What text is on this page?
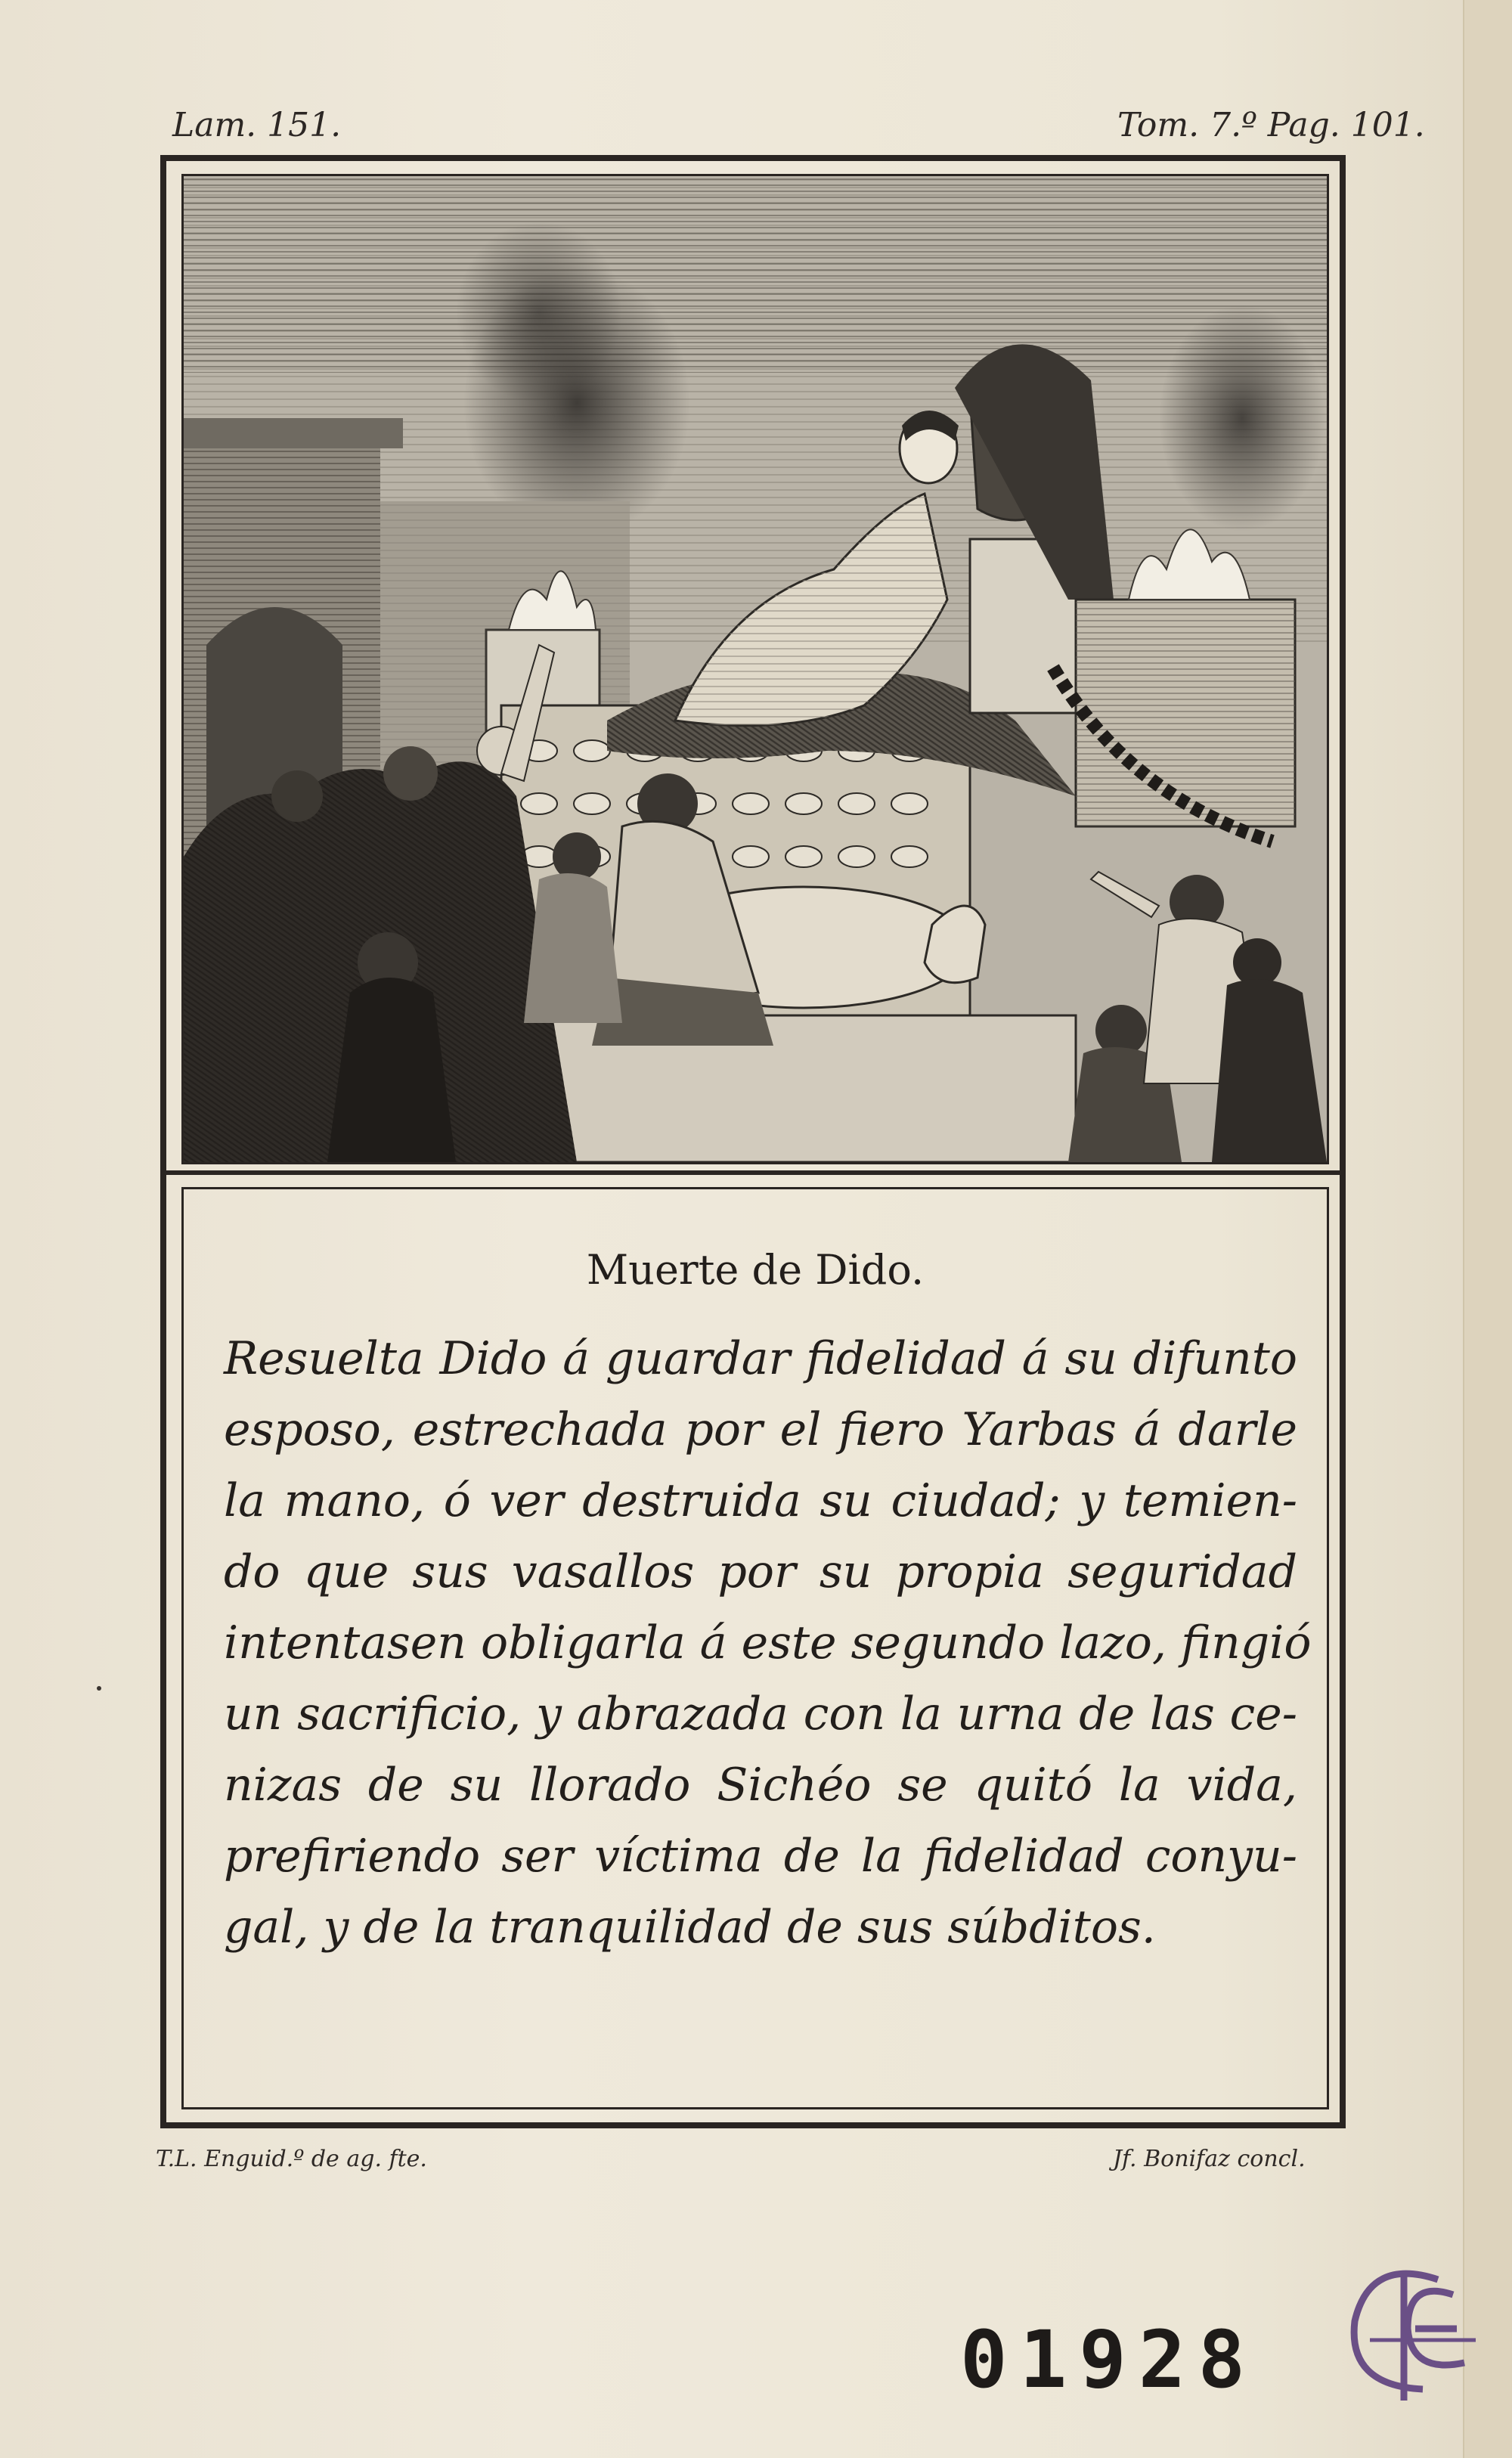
Lam. 151.	Tom. 7.º Pag. 101.
Muerte de Dido.
Resuelta Dido á guardar fidelidad á su difunto
esposo, estrechada por el fiero Yarbas á darle
la mano, ó ver destruida su ciudad; y temien-
do que sus vasallos por su propia seguridad
intentasen obligarla á este segundo lazo, fingió
un sacrificio, y abrazada con la urna de las ce-
nizas de su llorado Sichéo se quitó la vida,
prefiriendo ser víctima de la fidelidad conyu-
gal, y de la tranquilidad de sus súbditos.
T.L. Enguid.º de ag. fte.	Jf. Bonifaz concl.
01928
